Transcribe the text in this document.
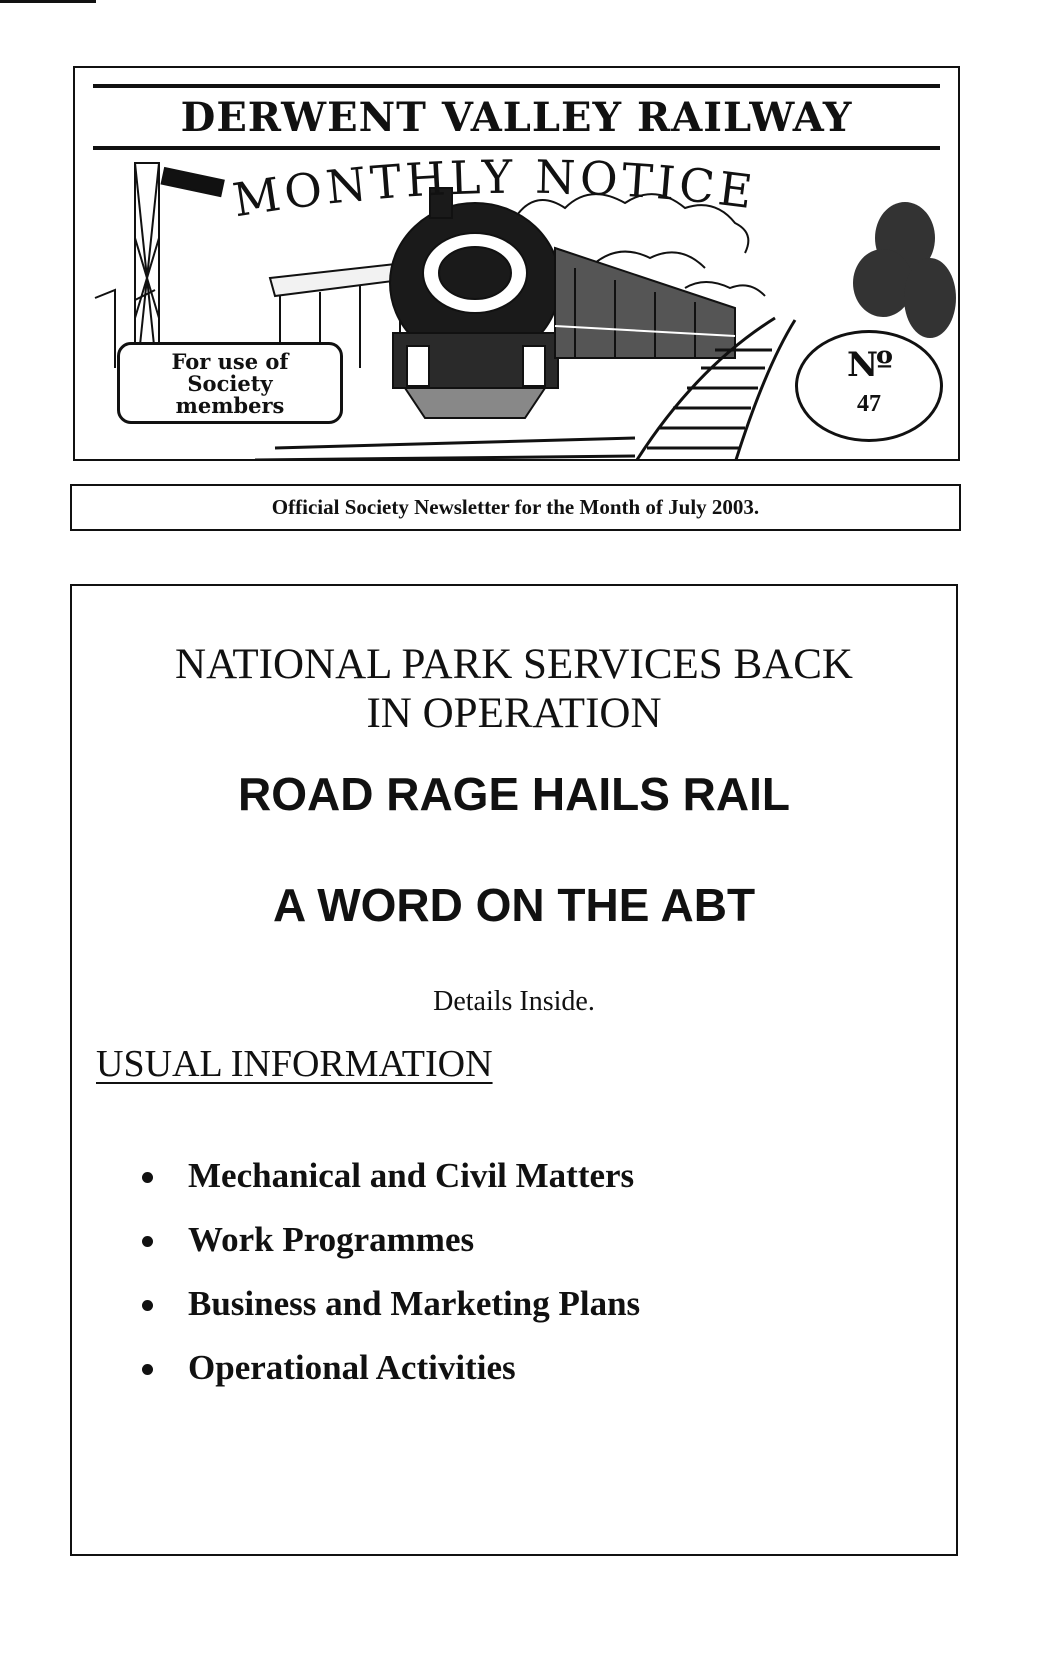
DERWENT VALLEY RAILWAY
MONTHLY NOTICE
For use of
Society
members
Nº
47
Official Society Newsletter for the Month of July 2003.
NATIONAL PARK SERVICES BACK
IN OPERATION
ROAD RAGE HAILS RAIL
A WORD ON THE ABT
Details Inside.
USUAL INFORMATION
Mechanical and Civil Matters
Work Programmes
Business and Marketing Plans
Operational Activities
